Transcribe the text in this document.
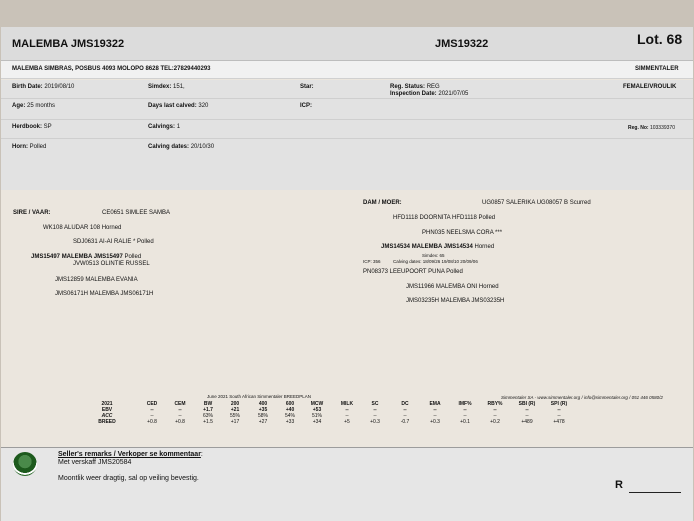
MALEMBA JMS19322	JMS19322	Lot. 68
MALEMBA SIMBRAS, POSBUS 4093 MOLOPO 8628 TEL:27829440293	SIMMENTALER
Birth Date: 2019/08/10	Simdex: 151,	Star:	Reg. Status: REG
Inspection Date: 2021/07/05
FEMALE/VROULIK
Age: 25 months	Days last calved: 320	ICP:
Herdbook: SP	Calvings: 1	Reg. No: 103339370
Horn: Polled	Calving dates: 20/10/30
SIRE / VAAR:	CE0651 SIMLEE SAMBA
WK108 ALUDAR 108 Horned
SDJ0631 AI-AI RALIE * Polled
JMS15497 MALEMBA JMS15497 Polled
JVW0513 OLINTIE RUSSEL
JMS12859 MALEMBA EVANIA
JMS06171H MALEMBA JMS06171H
DAM / MOER:	UG0857 SALERIKA UG08057 B Scurred
HFD1118 DOORNITA HFD1118 Polled
PHN035 NEELSMA CORA ***
JMS14534 MALEMBA JMS14534 Horned
Simdex: 65
ICP: 356	Calving dates: 18/09/26 19/08/10 20/09/06
PN08373 LEEUPOORT PUNA Polled
JMS11966 MALEMBA ONI Horned
JMS03235H MALEMBA JMS03235H
June 2021 South African Simmentaler BREEDPLAN	Simmentaler SA - www.simmentaler.org / info@simmentaler.org / 051 446 0580/2
2021	CED	CEM	BW	200	400	600	MCW	MILK	SC	DC	EMA	IMF%	RBY%	SBI (R)	SPI (R)
EBV	--	--	+1.7	+21	+35	+40	+53	--	--	--	--	--	--	--	--
ACC	--	--	63%	55%	58%	54%	51%	--	--	--	--	--	--	--	--
BREED	+0.8	+0.8	+1.5	+17	+27	+33	+34	+5	+0.3	-0.7	+0.3	+0.1	+0.2	+489	+478
Seller's remarks / Verkoper se kommentaar:
Met verskaff JMS20584
Moontlik weer dragtig, sal op veiling bevestig.
R
